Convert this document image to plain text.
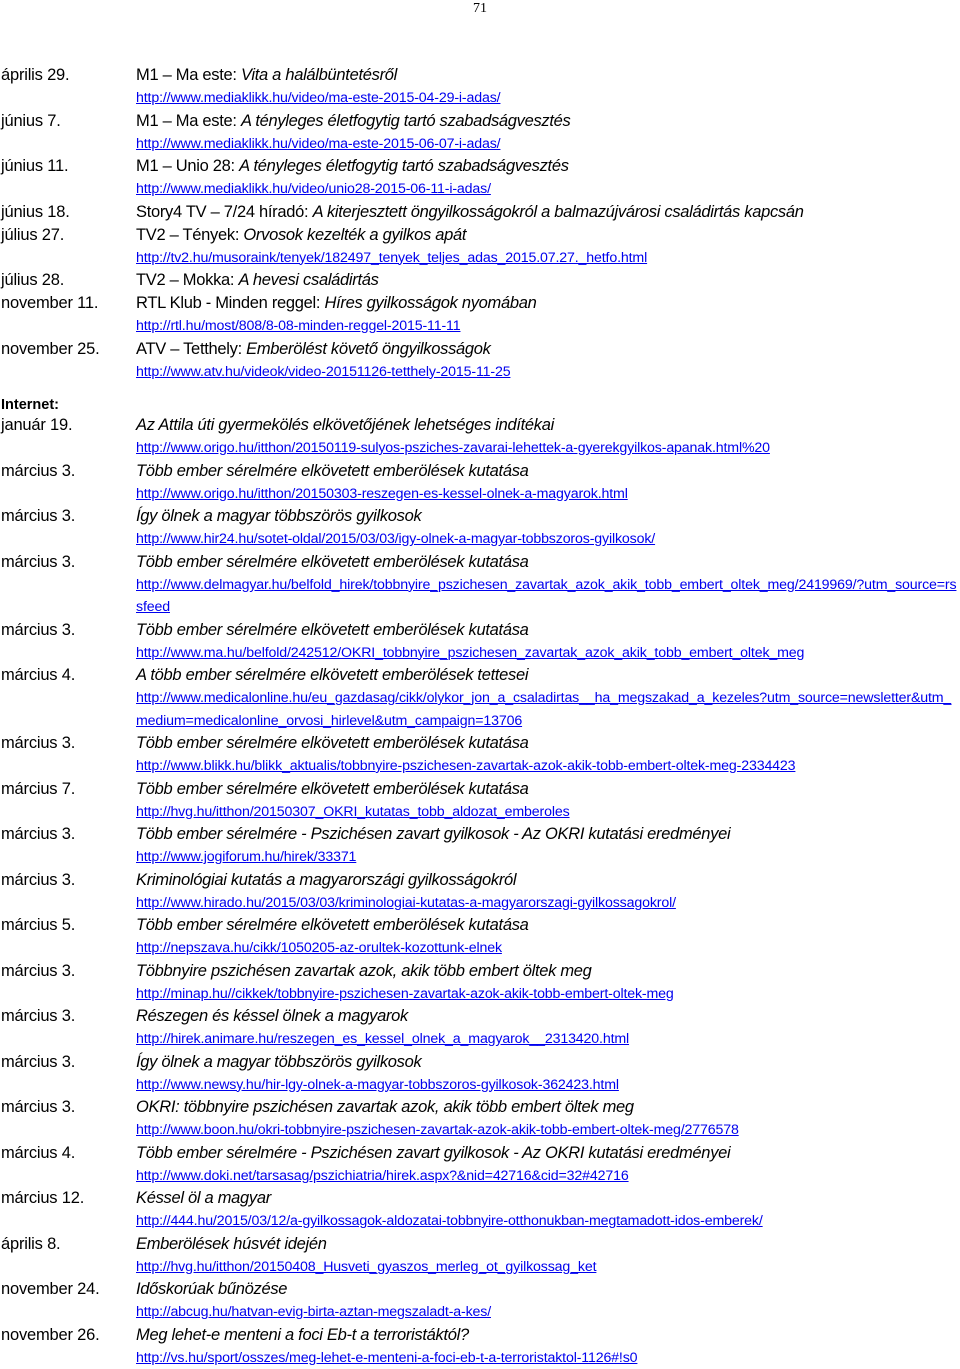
71
április 29.	M1 – Ma este: Vita a halálbüntetésről
http://www.mediaklikk.hu/video/ma-este-2015-04-29-i-adas/
június 7.	M1 – Ma este: A tényleges életfogytig tartó szabadságvesztés
http://www.mediaklikk.hu/video/ma-este-2015-06-07-i-adas/
június 11.	M1 – Unio 28: A tényleges életfogytig tartó szabadságvesztés
http://www.mediaklikk.hu/video/unio28-2015-06-11-i-adas/
június 18.	Story4 TV – 7/24 híradó: A kiterjesztett öngyilkosságokról a balmazújvárosi családirtás kapcsán
július 27.	TV2 – Tények: Orvosok kezelték a gyilkos apát
http://tv2.hu/musoraink/tenyek/182497_tenyek_teljes_adas_2015.07.27._hetfo.html
július 28.	TV2 – Mokka: A hevesi családirtás
november 11.	RTL Klub - Minden reggel: Híres gyilkosságok nyomában
http://rtl.hu/most/808/8-08-minden-reggel-2015-11-11
november 25.	ATV – Tetthely: Emberölést követő öngyilkosságok
http://www.atv.hu/videok/video-20151126-tetthely-2015-11-25
Internet:
január 19.	Az Attila úti gyermekölés elkövetőjének lehetséges indítékai
http://www.origo.hu/itthon/20150119-sulyos-psziches-zavarai-lehettek-a-gyerekgyilkos-apanak.html%20
március 3.	Több ember sérelmére elkövetett emberölések kutatása
http://www.origo.hu/itthon/20150303-reszegen-es-kessel-olnek-a-magyarok.html
március 3.	Így ölnek a magyar többszörös gyilkosok
http://www.hir24.hu/sotet-oldal/2015/03/03/igy-olnek-a-magyar-tobbszoros-gyilkosok/
március 3.	Több ember sérelmére elkövetett emberölések kutatása
http://www.delmagyar.hu/belfold_hirek/tobbnyire_pszichesen_zavartak_azok_akik_tobb_embert_oltek_meg/2419969/?utm_source=rssfeed
március 3.	Több ember sérelmére elkövetett emberölések kutatása
http://www.ma.hu/belfold/242512/OKRI_tobbnyire_pszichesen_zavartak_azok_akik_tobb_embert_oltek_meg
március 4.	A több ember sérelmére elkövetett emberölések tettesei
http://www.medicalonline.hu/eu_gazdasag/cikk/olykor_jon_a_csaladirtas__ha_megszakad_a_kezeles?utm_source=newsletter&utm_medium=medicalonline_orvosi_hirlevel&utm_campaign=13706
március 3.	Több ember sérelmére elkövetett emberölések kutatása
http://www.blikk.hu/blikk_aktualis/tobbnyire-pszichesen-zavartak-azok-akik-tobb-embert-oltek-meg-2334423
március 7.	Több ember sérelmére elkövetett emberölések kutatása
http://hvg.hu/itthon/20150307_OKRI_kutatas_tobb_aldozat_emberoles
március 3.	Több ember sérelmére - Pszichésen zavart gyilkosok - Az OKRI kutatási eredményei
http://www.jogiforum.hu/hirek/33371
március 3.	Kriminológiai kutatás a magyarországi gyilkosságokról
http://www.hirado.hu/2015/03/03/kriminologiai-kutatas-a-magyarorszagi-gyilkossagokrol/
március 5.	Több ember sérelmére elkövetett emberölések kutatása
http://nepszava.hu/cikk/1050205-az-orultek-kozottunk-elnek
március 3.	Többnyire pszichésen zavartak azok, akik több embert öltek meg
http://minap.hu//cikkek/tobbnyire-pszichesen-zavartak-azok-akik-tobb-embert-oltek-meg
március 3.	Részegen és késsel ölnek a magyarok
http://hirek.animare.hu/reszegen_es_kessel_olnek_a_magyarok__2313420.html
március 3.	Így ölnek a magyar többszörös gyilkosok
http://www.newsy.hu/hir-lgy-olnek-a-magyar-tobbszoros-gyilkosok-362423.html
március 3.	OKRI: többnyire pszichésen zavartak azok, akik több embert öltek meg
http://www.boon.hu/okri-tobbnyire-pszichesen-zavartak-azok-akik-tobb-embert-oltek-meg/2776578
március 4.	Több ember sérelmére - Pszichésen zavart gyilkosok - Az OKRI kutatási eredményei
http://www.doki.net/tarsasag/pszichiatria/hirek.aspx?&nid=42716&cid=32#42716
március 12.	Késsel öl a magyar
http://444.hu/2015/03/12/a-gyilkossagok-aldozatai-tobbnyire-otthonukban-megtamadott-idos-emberek/
április 8.	Emberölések húsvét idején
http://hvg.hu/itthon/20150408_Husveti_gyaszos_merleg_ot_gyilkossag_ket
november 24.	Időskorúak bűnözése
http://abcug.hu/hatvan-evig-birta-aztan-megszaladt-a-kes/
november 26.	Meg lehet-e menteni a foci Eb-t a terroristáktól?
http://vs.hu/sport/osszes/meg-lehet-e-menteni-a-foci-eb-t-a-terroristaktol-1126#!s0
